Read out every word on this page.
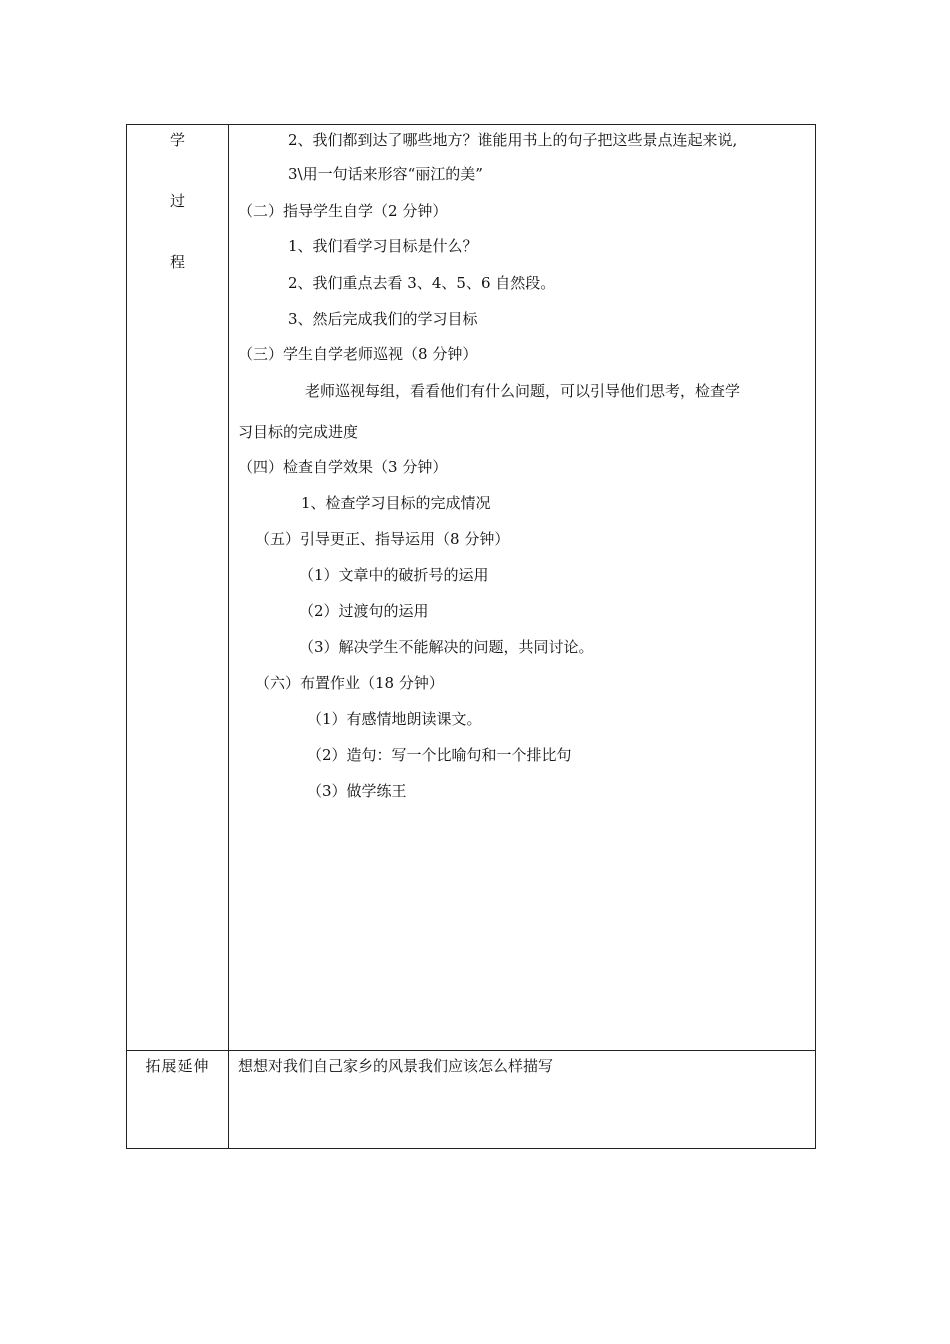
学
过
程
2、我们都到达了哪些地方？谁能用书上的句子把这些景点连起来说,
3\用一句话来形容“丽江的美”
（二）指导学生自学（2 分钟）
1、我们看学习目标是什么？
2、我们重点去看 3、4、5、6 自然段。
3、然后完成我们的学习目标
（三）学生自学老师巡视（8 分钟）
老师巡视每组，看看他们有什么问题，可以引导他们思考，检查学
习目标的完成进度
（四）检查自学效果（3 分钟）
1、检查学习目标的完成情况
（五）引导更正、指导运用（8 分钟）
（1）文章中的破折号的运用
（2）过渡句的运用
（3）解决学生不能解决的问题，共同讨论。
（六）布置作业（18 分钟）
（1）有感情地朗读课文。
（2）造句：写一个比喻句和一个排比句
（3）做学练王
拓展延伸	想想对我们自己家乡的风景我们应该怎么样描写
